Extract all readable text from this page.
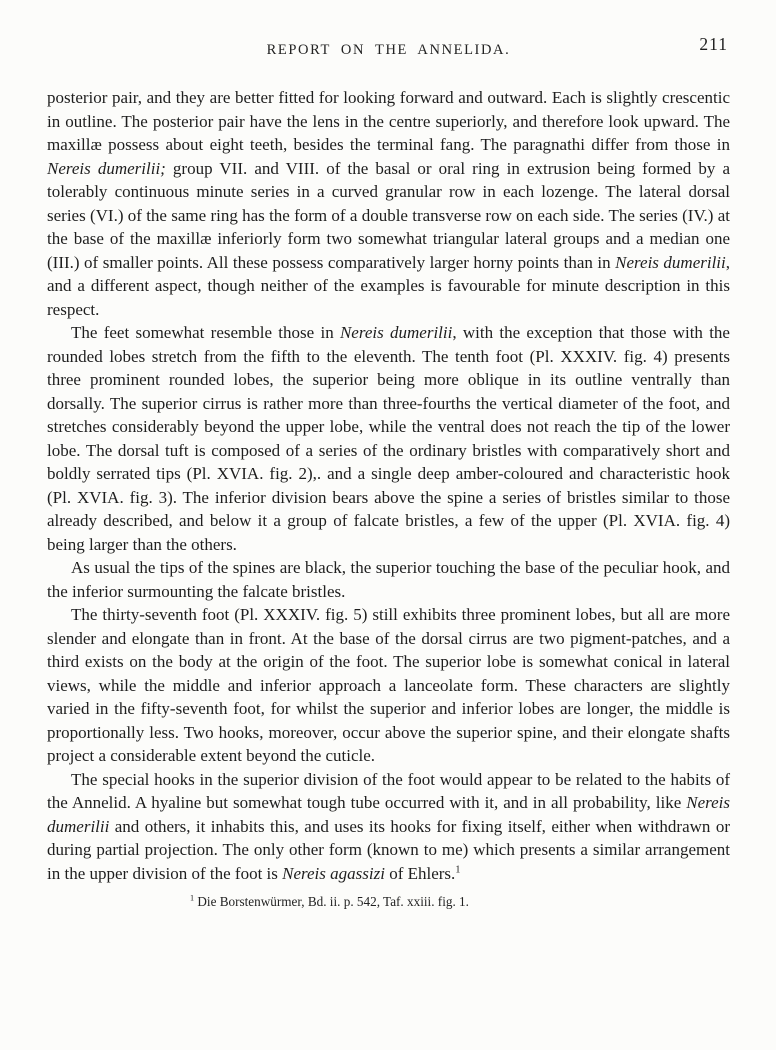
REPORT ON THE ANNELIDA.	211

posterior pair, and they are better fitted for looking forward and outward. Each is slightly crescentic in outline. The posterior pair have the lens in the centre superiorly, and therefore look upward. The maxillæ possess about eight teeth, besides the terminal fang. The paragnathi differ from those in Nereis dumerilii; group VII. and VIII. of the basal or oral ring in extrusion being formed by a tolerably continuous minute series in a curved granular row in each lozenge. The lateral dorsal series (VI.) of the same ring has the form of a double transverse row on each side. The series (IV.) at the base of the maxillæ inferiorly form two somewhat triangular lateral groups and a median one (III.) of smaller points. All these possess comparatively larger horny points than in Nereis dumerilii, and a different aspect, though neither of the examples is favourable for minute description in this respect.

The feet somewhat resemble those in Nereis dumerilii, with the exception that those with the rounded lobes stretch from the fifth to the eleventh. The tenth foot (Pl. XXXIV. fig. 4) presents three prominent rounded lobes, the superior being more oblique in its outline ventrally than dorsally. The superior cirrus is rather more than three-fourths the vertical diameter of the foot, and stretches considerably beyond the upper lobe, while the ventral does not reach the tip of the lower lobe. The dorsal tuft is composed of a series of the ordinary bristles with comparatively short and boldly serrated tips (Pl. XVIA. fig. 2),. and a single deep amber-coloured and characteristic hook (Pl. XVIA. fig. 3). The inferior division bears above the spine a series of bristles similar to those already described, and below it a group of falcate bristles, a few of the upper (Pl. XVIA. fig. 4) being larger than the others.

As usual the tips of the spines are black, the superior touching the base of the peculiar hook, and the inferior surmounting the falcate bristles.

The thirty-seventh foot (Pl. XXXIV. fig. 5) still exhibits three prominent lobes, but all are more slender and elongate than in front. At the base of the dorsal cirrus are two pigment-patches, and a third exists on the body at the origin of the foot. The superior lobe is somewhat conical in lateral views, while the middle and inferior approach a lanceolate form. These characters are slightly varied in the fifty-seventh foot, for whilst the superior and inferior lobes are longer, the middle is proportionally less. Two hooks, moreover, occur above the superior spine, and their elongate shafts project a considerable extent beyond the cuticle.

The special hooks in the superior division of the foot would appear to be related to the habits of the Annelid. A hyaline but somewhat tough tube occurred with it, and in all probability, like Nereis dumerilii and others, it inhabits this, and uses its hooks for fixing itself, either when withdrawn or during partial projection. The only other form (known to me) which presents a similar arrangement in the upper division of the foot is Nereis agassizi of Ehlers.$^1$

$^1$ Die Borstenwürmer, Bd. ii. p. 542, Taf. xxiii. fig. 1.
